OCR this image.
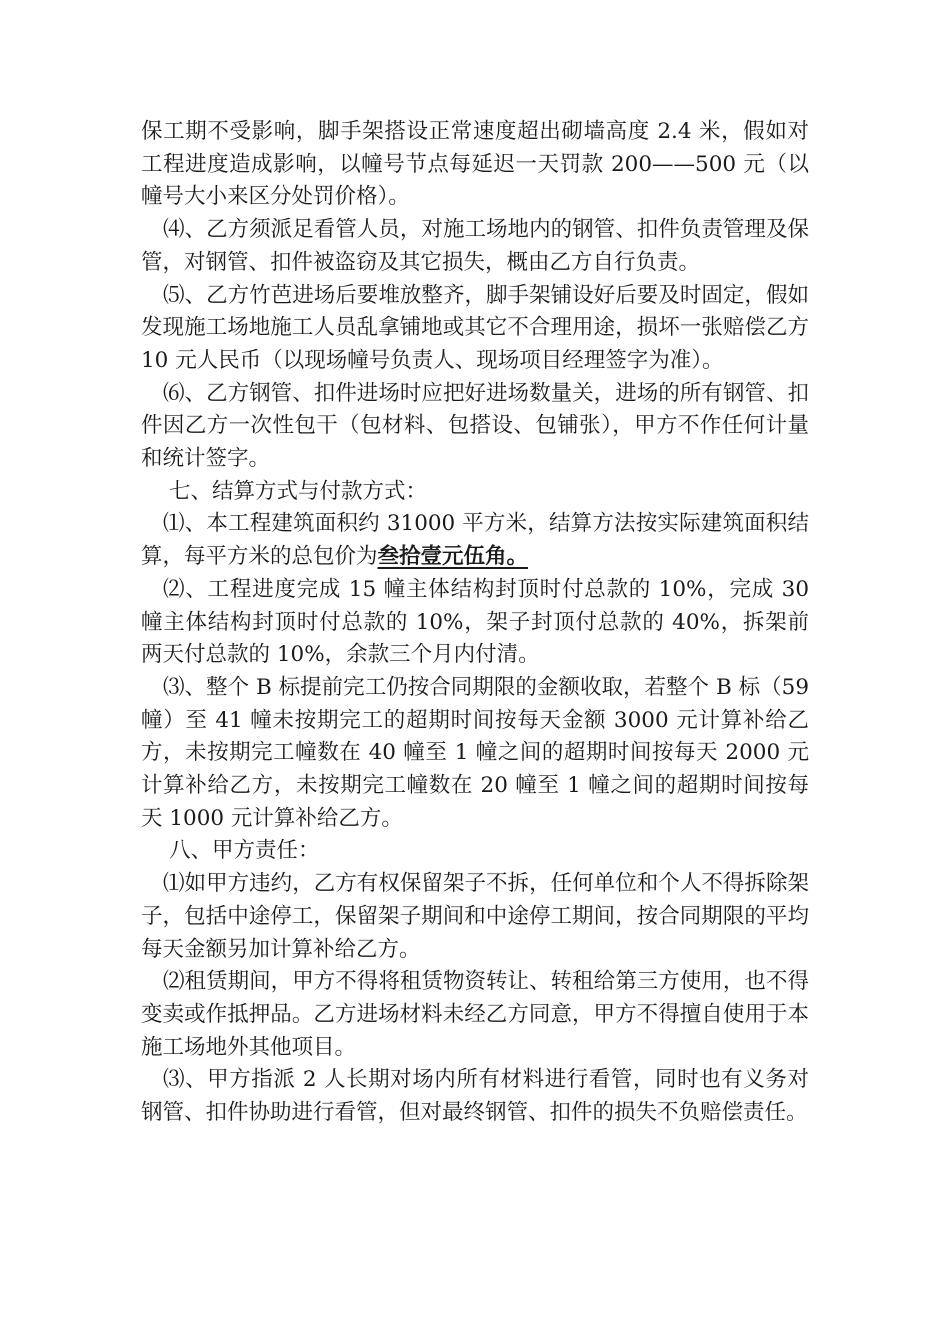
保工期不受影响，脚手架搭设正常速度超出砌墙高度 2.4 米，假如对工程进度造成影响，以幢号节点每延迟一天罚款 200——500 元（以幢号大小来区分处罚价格）。

⑷、乙方须派足看管人员，对施工场地内的钢管、扣件负责管理及保管，对钢管、扣件被盗窃及其它损失，概由乙方自行负责。

⑸、乙方竹芭进场后要堆放整齐，脚手架铺设好后要及时固定，假如发现施工场地施工人员乱拿铺地或其它不合理用途，损坏一张赔偿乙方 10 元人民币（以现场幢号负责人、现场项目经理签字为准）。

⑹、乙方钢管、扣件进场时应把好进场数量关，进场的所有钢管、扣件因乙方一次性包干（包材料、包搭设、包铺张），甲方不作任何计量和统计签字。

七、结算方式与付款方式：

⑴、本工程建筑面积约 31000 平方米，结算方法按实际建筑面积结算，每平方米的总包价为叁拾壹元伍角。

⑵、工程进度完成 15 幢主体结构封顶时付总款的 10%，完成 30 幢主体结构封顶时付总款的 10%，架子封顶付总款的 40%，拆架前两天付总款的 10%，余款三个月内付清。

⑶、整个 B 标提前完工仍按合同期限的金额收取，若整个 B 标（59 幢）至 41 幢未按期完工的超期时间按每天金额 3000 元计算补给乙方，未按期完工幢数在 40 幢至 1 幢之间的超期时间按每天 2000 元计算补给乙方，未按期完工幢数在 20 幢至 1 幢之间的超期时间按每天 1000 元计算补给乙方。

八、甲方责任：

⑴如甲方违约，乙方有权保留架子不拆，任何单位和个人不得拆除架子，包括中途停工，保留架子期间和中途停工期间，按合同期限的平均每天金额另加计算补给乙方。

⑵租赁期间，甲方不得将租赁物资转让、转租给第三方使用，也不得变卖或作抵押品。乙方进场材料未经乙方同意，甲方不得擅自使用于本施工场地外其他项目。

⑶、甲方指派 2 人长期对场内所有材料进行看管，同时也有义务对钢管、扣件协助进行看管，但对最终钢管、扣件的损失不负赔偿责任。
